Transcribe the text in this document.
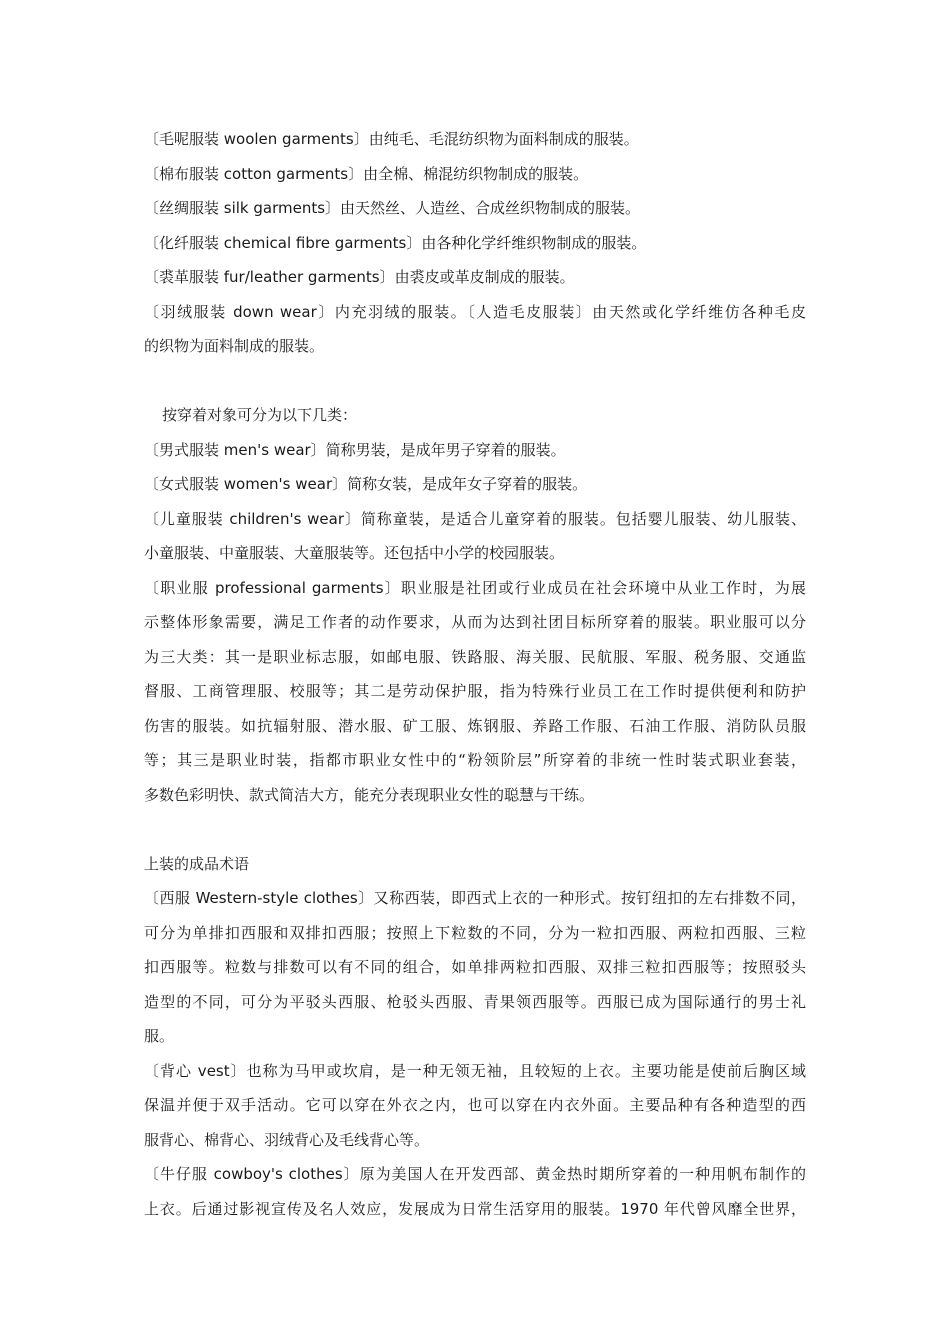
〔毛呢服装 woolen garments〕由纯毛、毛混纺织物为面料制成的服装。
〔棉布服装 cotton garments〕由全棉、棉混纺织物制成的服装。
〔丝绸服装 silk garments〕由天然丝、人造丝、合成丝织物制成的服装。
〔化纤服装 chemical fibre garments〕由各种化学纤维织物制成的服装。
〔裘革服装 fur/leather garments〕由裘皮或革皮制成的服装。
〔羽绒服装 down wear〕内充羽绒的服装。〔人造毛皮服装〕由天然或化学纤维仿各种毛皮
的织物为面料制成的服装。
按穿着对象可分为以下几类：
〔男式服装 men's wear〕简称男装，是成年男子穿着的服装。
〔女式服装 women's wear〕简称女装，是成年女子穿着的服装。
〔儿童服装 children's wear〕简称童装，是适合儿童穿着的服装。包括婴儿服装、幼儿服装、
小童服装、中童服装、大童服装等。还包括中小学的校园服装。
〔职业服 professional garments〕职业服是社团或行业成员在社会环境中从业工作时，为展
示整体形象需要，满足工作者的动作要求，从而为达到社团目标所穿着的服装。职业服可以分
为三大类：其一是职业标志服，如邮电服、铁路服、海关服、民航服、军服、税务服、交通监
督服、工商管理服、校服等；其二是劳动保护服，指为特殊行业员工在工作时提供便利和防护
伤害的服装。如抗辐射服、潜水服、矿工服、炼钢服、养路工作服、石油工作服、消防队员服
等；其三是职业时装，指都市职业女性中的“粉领阶层”所穿着的非统一性时装式职业套装，
多数色彩明快、款式简洁大方，能充分表现职业女性的聪慧与干练。
上装的成品术语
〔西服 Western-style clothes〕又称西装，即西式上衣的一种形式。按钉纽扣的左右排数不同，
可分为单排扣西服和双排扣西服；按照上下粒数的不同，分为一粒扣西服、两粒扣西服、三粒
扣西服等。粒数与排数可以有不同的组合，如单排两粒扣西服、双排三粒扣西服等；按照驳头
造型的不同，可分为平驳头西服、枪驳头西服、青果领西服等。西服已成为国际通行的男士礼
服。
〔背心 vest〕也称为马甲或坎肩，是一种无领无袖，且较短的上衣。主要功能是使前后胸区域
保温并便于双手活动。它可以穿在外衣之内，也可以穿在内衣外面。主要品种有各种造型的西
服背心、棉背心、羽绒背心及毛线背心等。
〔牛仔服 cowboy's clothes〕原为美国人在开发西部、黄金热时期所穿着的一种用帆布制作的
上衣。后通过影视宣传及名人效应，发展成为日常生活穿用的服装。1970 年代曾风靡全世界，
